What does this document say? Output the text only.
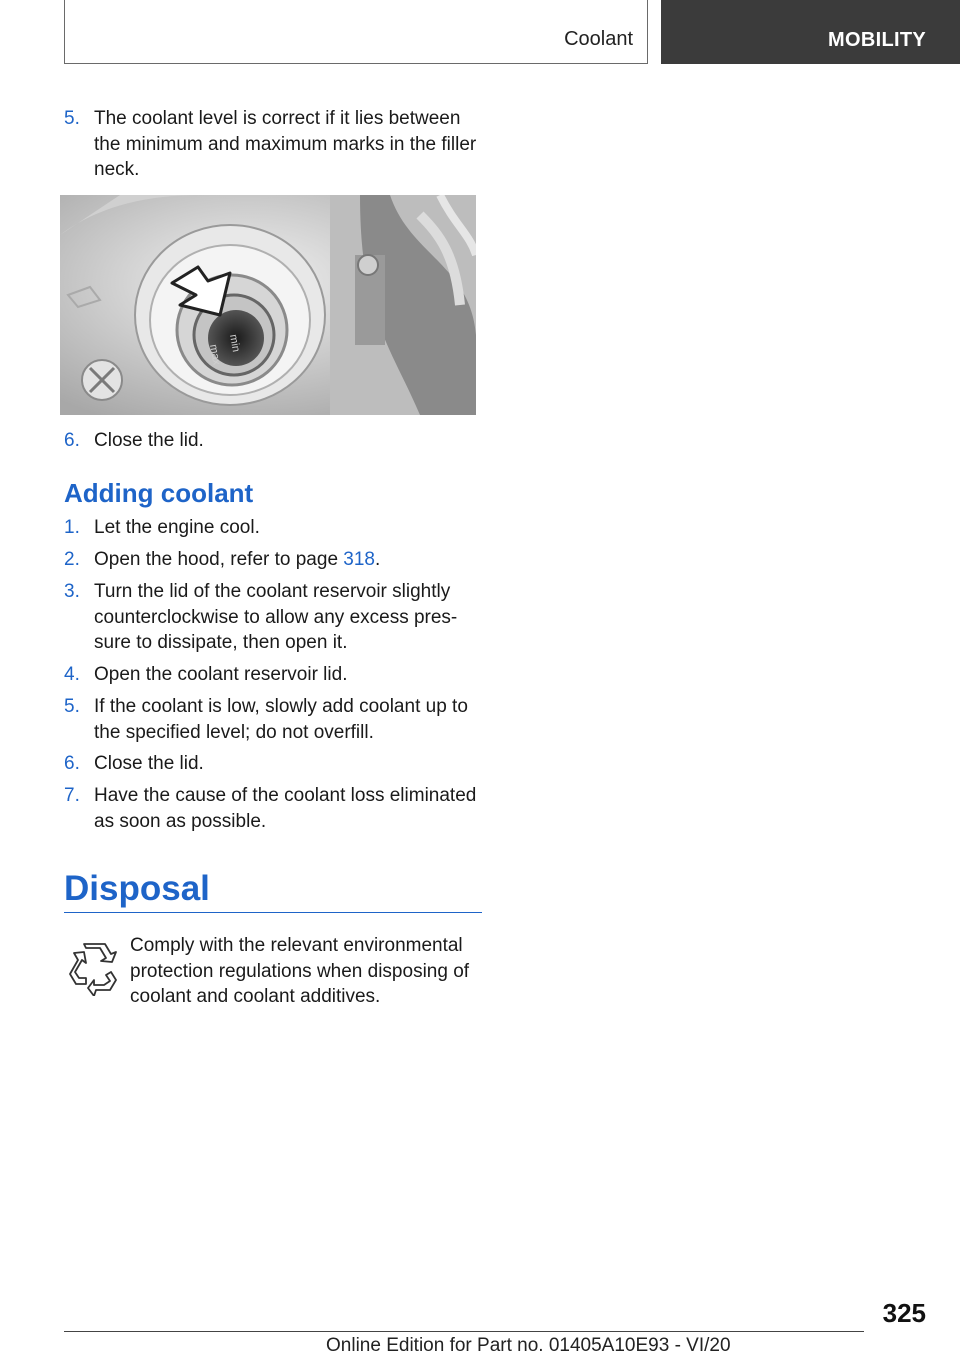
Coolant	MOBILITY
5. The coolant level is correct if it lies between the minimum and maximum marks in the filler neck.
6. Close the lid.
Adding coolant
1. Let the engine cool.
2. Open the hood, refer to page 318.
3. Turn the lid of the coolant reservoir slightly counterclockwise to allow any excess pres‐sure to dissipate, then open it.
4. Open the coolant reservoir lid.
5. If the coolant is low, slowly add coolant up to the specified level; do not overfill.
6. Close the lid.
7. Have the cause of the coolant loss eliminated as soon as possible.
Disposal
min
max
Comply with the relevant environmental protection regulations when disposing of coolant and coolant additives.
325
Online Edition for Part no. 01405A10E93 - VI/20
